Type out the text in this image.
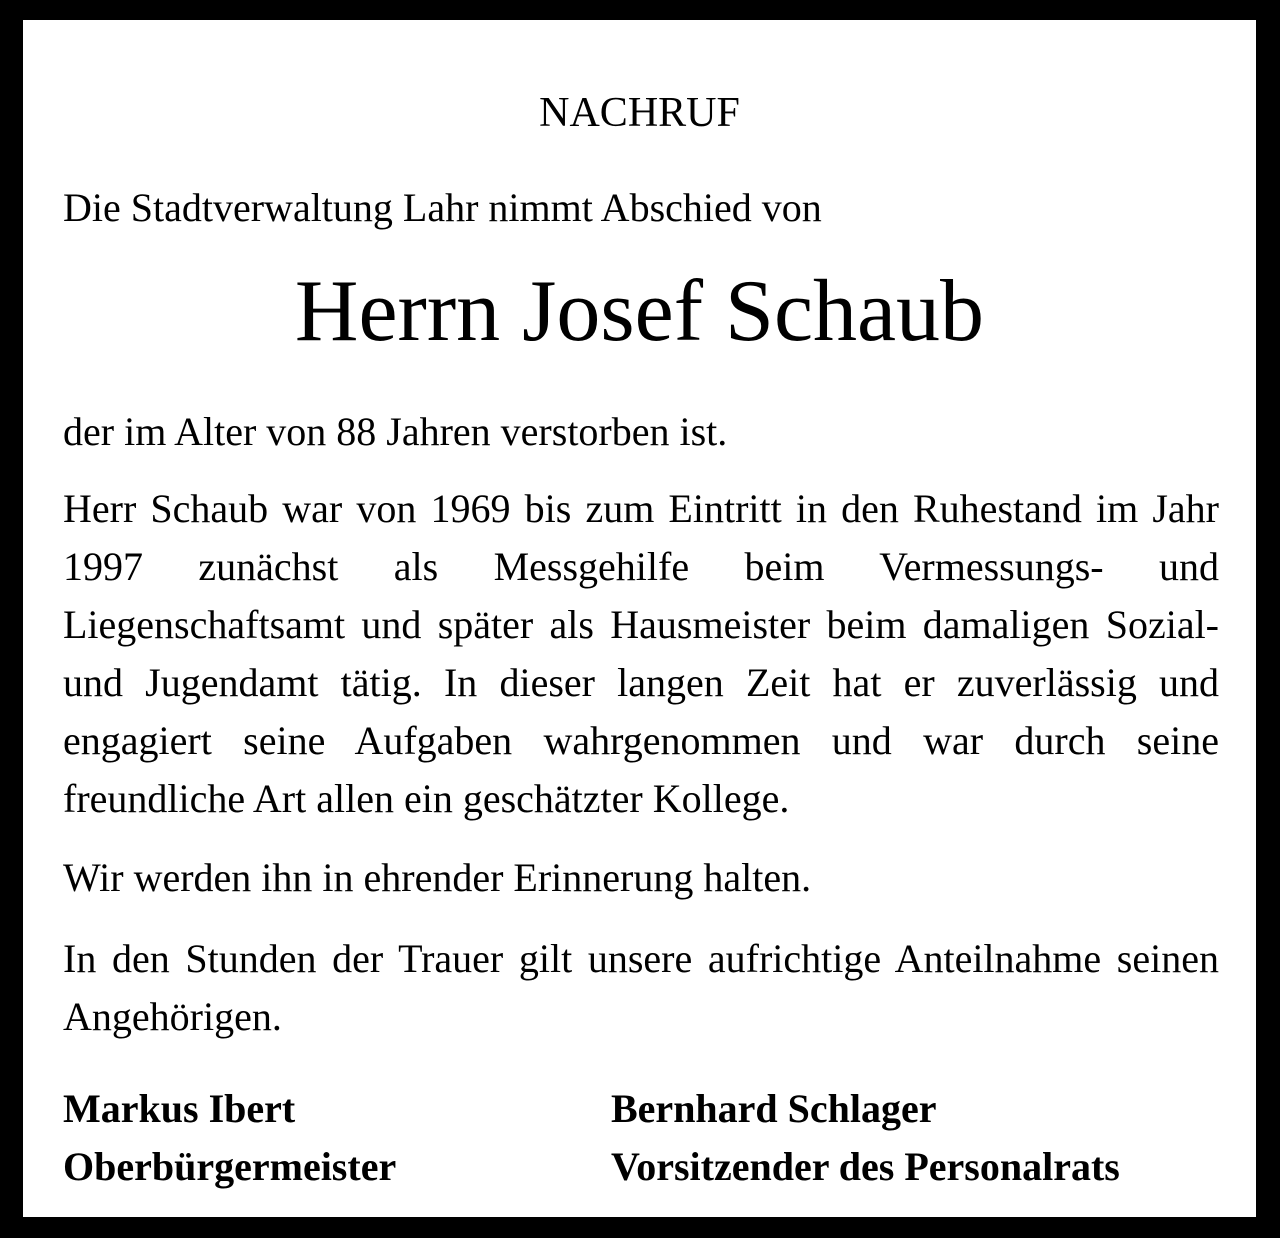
NACHRUF
Die Stadtverwaltung Lahr nimmt Abschied von
Herrn Josef Schaub
der im Alter von 88 Jahren verstorben ist.
Herr Schaub war von 1969 bis zum Eintritt in den Ruhestand im Jahr 1997 zunächst als Messgehilfe beim Vermessungs- und Liegenschaftsamt und später als Hausmeister beim damaligen Sozial- und Jugendamt tätig. In dieser langen Zeit hat er zuverlässig und engagiert seine Aufgaben wahrgenommen und war durch seine freundliche Art allen ein geschätzter Kollege.
Wir werden ihn in ehrender Erinnerung halten.
In den Stunden der Trauer gilt unsere aufrichtige Anteilnahme seinen Angehörigen.
Markus Ibert
Oberbürgermeister
Bernhard Schlager
Vorsitzender des Personalrats
